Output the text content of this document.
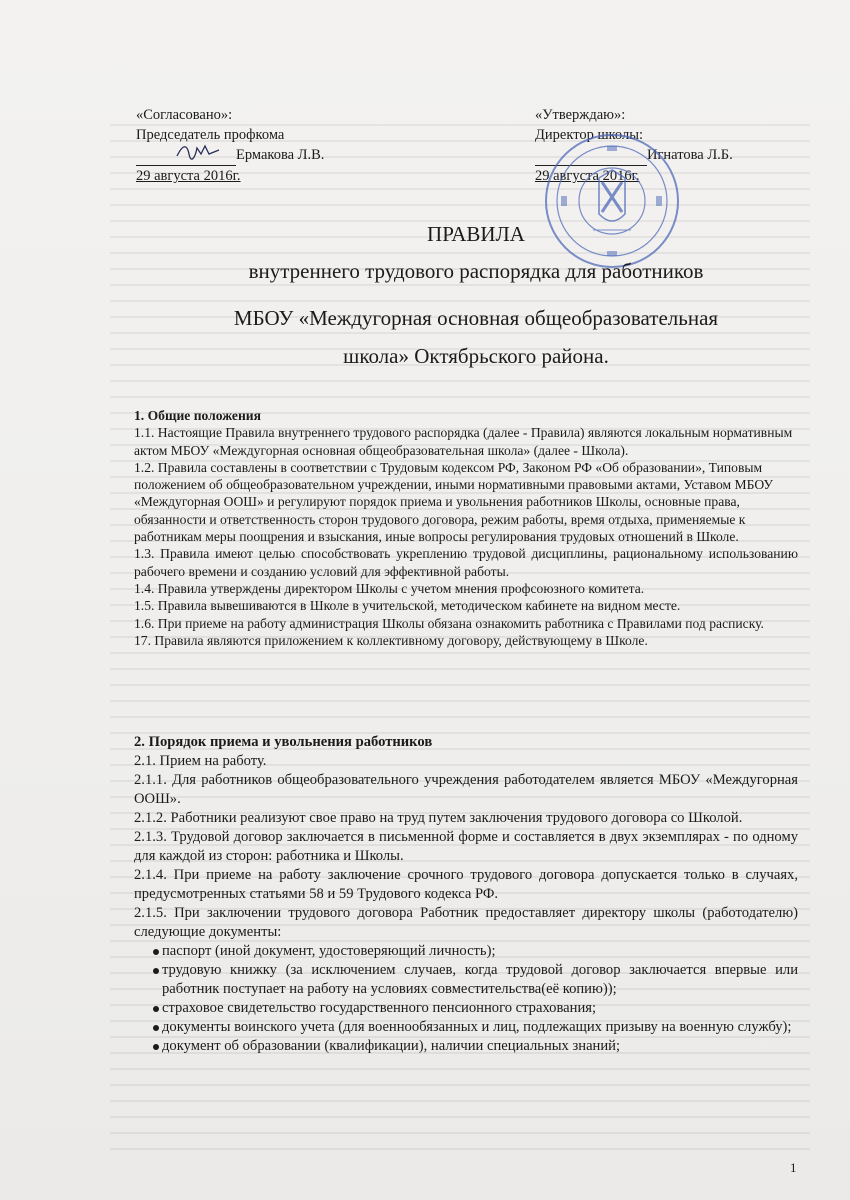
«Согласовано»:
Председатель профкома
Ермакова Л.В.
29 августа 2016г.
«Утверждаю»:
Директор школы:
Игнатова Л.Б.
29 августа 2016г.
ПРАВИЛА
внутреннего трудового распорядка для работников
МБОУ «Междугорная основная общеобразовательная
школа» Октябрьского района.

1. Общие положения

1.1. Настоящие Правила внутреннего трудового распорядка (далее - Правила) являются локальным нормативным актом МБОУ «Междугорная основная общеобразовательная школа» (далее - Школа).

1.2. Правила составлены в соответствии с Трудовым кодексом РФ, Законом РФ «Об образовании», Типовым положением об общеобразовательном учреждении, иными нормативными правовыми актами, Уставом МБОУ «Междугорная ООШ» и регулируют порядок приема и увольнения работников Школы, основные права, обязанности и ответственность сторон трудового договора, режим работы, время отдыха, применяемые к работникам меры поощрения и взыскания, иные вопросы регулирования трудовых отношений в Школе.

1.3. Правила имеют целью способствовать укреплению трудовой дисциплины, рациональному использованию рабочего времени и созданию условий для эффективной работы.

1.4. Правила утверждены директором Школы с учетом мнения профсоюзного комитета.

1.5. Правила вывешиваются в Школе в учительской, методическом кабинете на видном месте.

1.6. При приеме на работу администрация Школы обязана ознакомить работника с Правилами под расписку.

17. Правила являются приложением к коллективному договору, действующему в Школе.

2. Порядок приема и увольнения работников

2.1. Прием на работу.

2.1.1. Для работников общеобразовательного учреждения работодателем является МБОУ «Междугорная ООШ».

2.1.2. Работники реализуют свое право на труд путем заключения трудового договора со Школой.

2.1.3. Трудовой договор заключается в письменной форме и составляется в двух экземплярах - по одному для каждой из сторон: работника и Школы.

2.1.4. При приеме на работу заключение срочного трудового договора допускается только в случаях, предусмотренных статьями 58 и 59 Трудового кодекса РФ.

2.1.5. При заключении трудового договора Работник предоставляет директору школы (работодателю) следующие документы:

паспорт (иной документ, удостоверяющий личность);

трудовую книжку (за исключением случаев, когда трудовой договор заключается впервые или работник поступает на работу на условиях совместительства(её копию));

страховое свидетельство государственного пенсионного страхования;

документы воинского учета (для военнообязанных и лиц, подлежащих призыву на военную службу);

документ об образовании (квалификации), наличии специальных знаний;

1
